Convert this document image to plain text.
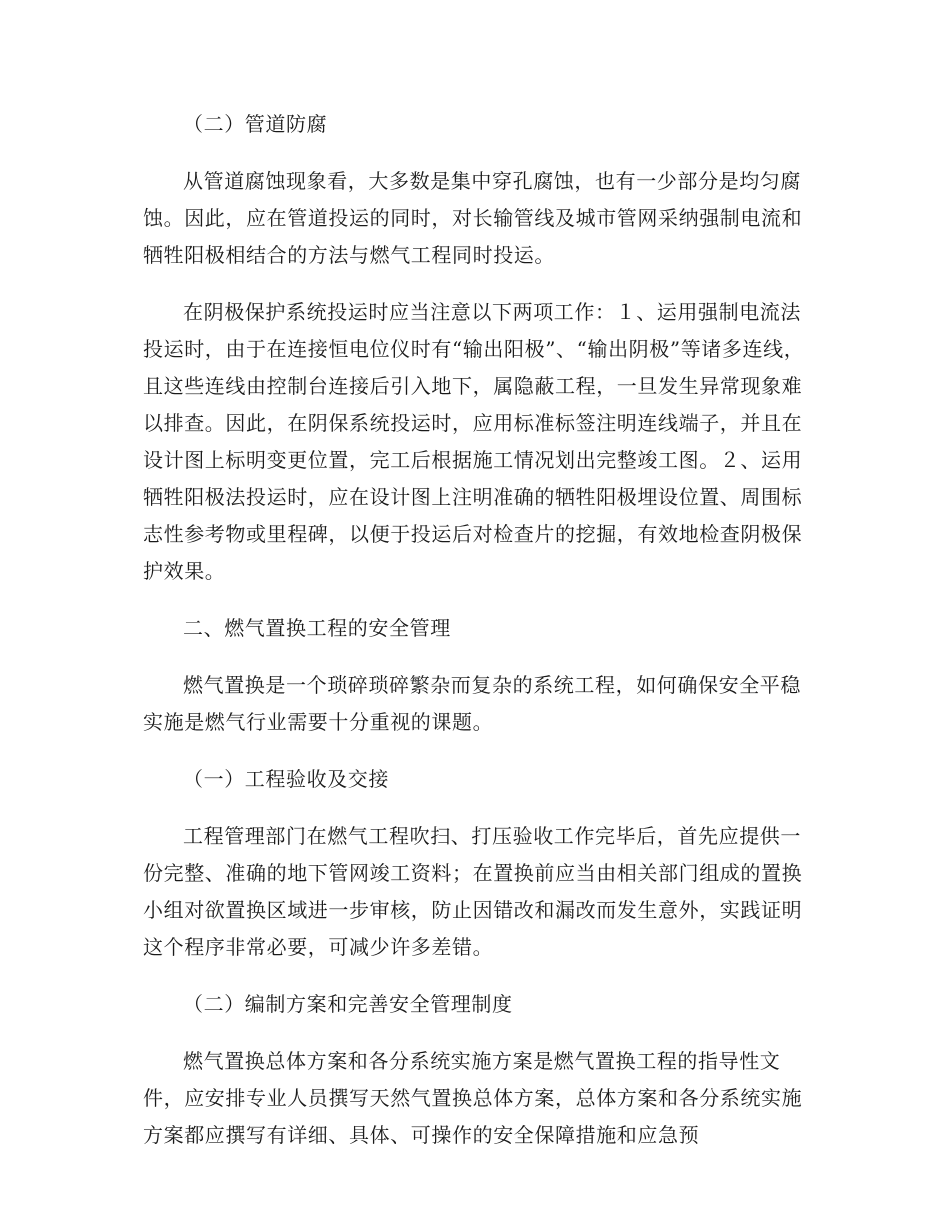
（二）管道防腐
从管道腐蚀现象看，大多数是集中穿孔腐蚀，也有一少部分是均匀腐蚀。因此，应在管道投运的同时，对长输管线及城市管网采纳强制电流和牺牲阳极相结合的方法与燃气工程同时投运。
在阴极保护系统投运时应当注意以下两项工作：１、运用强制电流法投运时，由于在连接恒电位仪时有“输出阳极”、“输出阴极”等诸多连线，且这些连线由控制台连接后引入地下，属隐蔽工程，一旦发生异常现象难以排查。因此，在阴保系统投运时，应用标准标签注明连线端子，并且在设计图上标明变更位置，完工后根据施工情况划出完整竣工图。２、运用牺牲阳极法投运时，应在设计图上注明准确的牺牲阳极埋设位置、周围标志性参考物或里程碑，以便于投运后对检查片的挖掘，有效地检查阴极保护效果。
二、燃气置换工程的安全管理
燃气置换是一个琐碎琐碎繁杂而复杂的系统工程，如何确保安全平稳实施是燃气行业需要十分重视的课题。
（一）工程验收及交接
工程管理部门在燃气工程吹扫、打压验收工作完毕后，首先应提供一份完整、准确的地下管网竣工资料；在置换前应当由相关部门组成的置换小组对欲置换区域进一步审核，防止因错改和漏改而发生意外，实践证明这个程序非常必要，可减少许多差错。
（二）编制方案和完善安全管理制度
燃气置换总体方案和各分系统实施方案是燃气置换工程的指导性文件，应安排专业人员撰写天然气置换总体方案，总体方案和各分系统实施方案都应撰写有详细、具体、可操作的安全保障措施和应急预
